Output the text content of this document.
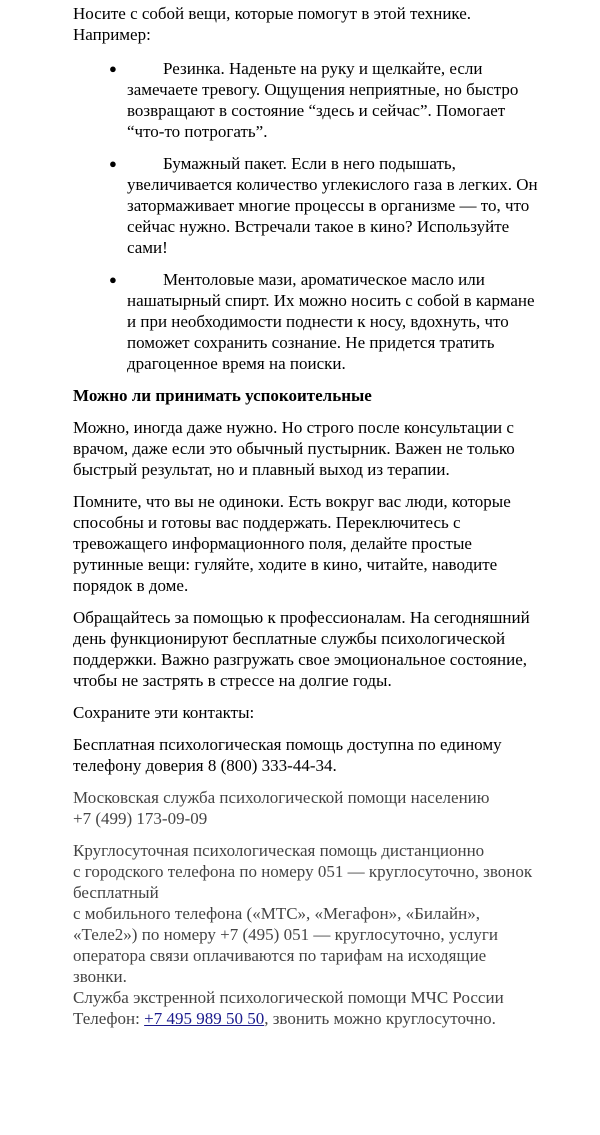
Носите с собой вещи, которые помогут в этой технике. Например:

●	Резинка. Наденьте на руку и щелкайте, если замечаете тревогу. Ощущения неприятные, но быстро возвращают в состояние “здесь и сейчас”. Помогает “что-то потрогать”.
●	Бумажный пакет. Если в него подышать, увеличивается количество углекислого газа в легких. Он затормаживает многие процессы в организме — то, что сейчас нужно. Встречали такое в кино? Используйте сами!
●	Ментоловые мази, ароматическое масло или нашатырный спирт. Их можно носить с собой в кармане и при необходимости поднести к носу, вдохнуть, что поможет сохранить сознание. Не придется тратить драгоценное время на поиски.
Можно ли принимать успокоительные

Можно, иногда даже нужно. Но строго после консультации с врачом, даже если это обычный пустырник. Важен не только быстрый результат, но и плавный выход из терапии.

Помните, что вы не одиноки. Есть вокруг вас люди, которые способны и готовы вас поддержать. Переключитесь с тревожащего информационного поля, делайте простые рутинные вещи: гуляйте, ходите в кино, читайте, наводите порядок в доме.

Обращайтесь за помощью к профессионалам. На сегодняшний день функционируют бесплатные службы психологической поддержки. Важно разгружать свое эмоциональное состояние, чтобы не застрять в стрессе на долгие годы.

Сохраните эти контакты:

Бесплатная психологическая помощь доступна по единому телефону доверия 8 (800) 333-44-34.

Московская служба психологической помощи населению

+7 (499) 173-09-09

Круглосуточная психологическая помощь дистанционно

с городского телефона по номеру 051 — круглосуточно, звонок бесплатный

с мобильного телефона («МТС», «Мегафон», «Билайн», «Теле2») по номеру +7 (495) 051 — круглосуточно, услуги оператора связи оплачиваются по тарифам на исходящие звонки.

Служба экстренной психологической помощи МЧС России

Телефон: +7 495 989 50 50, звонить можно круглосуточно.
